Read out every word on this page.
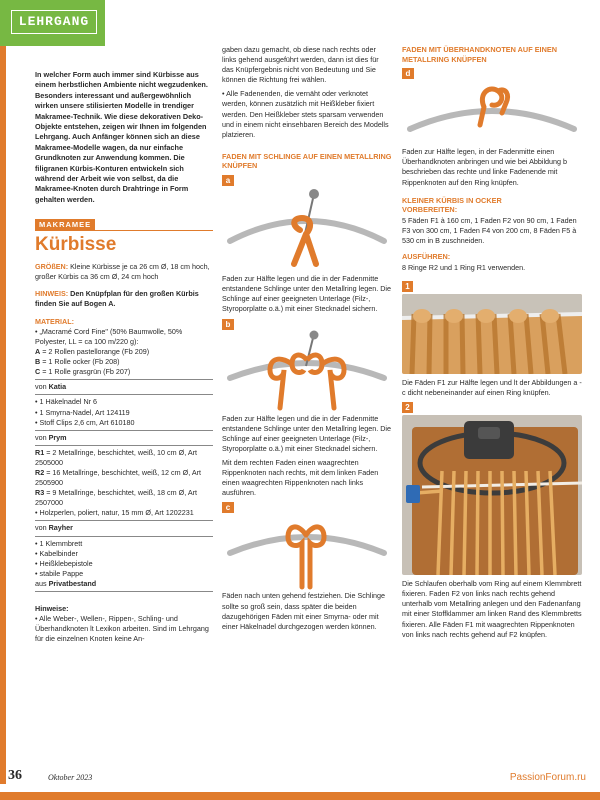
LEHRGANG

In welcher Form auch immer sind Kürbisse aus einem herbstlichen Ambiente nicht wegzudenken. Besonders interessant und außergewöhnlich wirken unsere stilisierten Modelle in trendiger Makramee-Technik. Wie diese dekorativen Deko-Objekte entstehen, zeigen wir Ihnen im folgenden Lehrgang. Auch Anfänger können sich an diese Makramee-Modelle wagen, da nur einfache Grundknoten zur Anwendung kommen. Die filigranen Kürbis-Konturen entwickeln sich während der Arbeit wie von selbst, da die Makramee-Knoten durch Drahtringe in Form gehalten werden.

MAKRAMEE
Kürbisse

GRÖßEN: Kleine Kürbisse je ca 26 cm Ø, 18 cm hoch, großer Kürbis ca 36 cm Ø, 24 cm hoch

HINWEIS: Den Knüpfplan für den großen Kürbis finden Sie auf Bogen A.

MATERIAL:

• „Macramé Cord Fine" (50% Baumwolle, 50% Polyester, LL = ca 100 m/220 g):
A = 2 Rollen pastellorange (Fb 209)
B = 1 Rolle ocker (Fb 208)
C = 1 Rolle grasgrün (Fb 207)
von Katia
• 1 Häkelnadel Nr 6
• 1 Smyrna-Nadel, Art 124119
• Stoff Clips 2,6 cm, Art 610180
von Prym
R1 = 2 Metallringe, beschichtet, weiß, 10 cm Ø, Art 2505000
R2 = 16 Metallringe, beschichtet, weiß, 12 cm Ø, Art 2505900
R3 = 9 Metallringe, beschichtet, weiß, 18 cm Ø, Art 2507000
• Holzperlen, poliert, natur, 15 mm Ø, Art 1202231
von Rayher
• 1 Klemmbrett
• Kabelbinder
• Heißklebepistole
• stabile Pappe
aus Privatbestand

Hinweise:

• Alle Weber-, Wellen-, Rippen-, Schling- und Überhandknoten lt Lexikon arbeiten. Sind im Lehrgang für die einzelnen Knoten keine An-

gaben dazu gemacht, ob diese nach rechts oder links gehend ausgeführt werden, dann ist dies für das Knüpfergebnis nicht von Bedeutung und Sie können die Richtung frei wählen.

• Alle Fadenenden, die vernäht oder verknotet werden, können zusätzlich mit Heißkleber fixiert werden. Den Heißkleber stets sparsam verwenden und in einem nicht einsehbaren Bereich des Modells platzieren.
FADEN MIT SCHLINGE AUF EINEN METALLRING KNÜPFEN
a

Faden zur Hälfte legen und die in der Fadenmitte entstandene Schlinge unter den Metallring legen. Die Schlinge auf einer geeigneten Unterlage (Filz-, Styroporplatte o.ä.) mit einer Stecknadel sichern.

b

Faden zur Hälfte legen und die in der Fadenmitte entstandene Schlinge unter den Metallring legen. Die Schlinge auf einer geeigneten Unterlage (Filz-, Styroporplatte o.ä.) mit einer Stecknadel sichern.

Mit dem rechten Faden einen waagrechten Rippenknoten nach rechts, mit dem linken Faden einen waagrechten Rippenknoten nach links ausführen.

c

Fäden nach unten gehend festziehen. Die Schlinge sollte so groß sein, dass später die beiden dazugehörigen Fäden mit einer Smyrna- oder mit einer Häkelnadel durchgezogen werden können.

FADEN MIT ÜBERHANDKNOTEN AUF EINEN METALLRING KNÜPFEN
d

Faden zur Hälfte legen, in der Fadenmitte einen Überhandknoten anbringen und wie bei Abbildung b beschrieben das rechte und linke Fadenende mit Rippenknoten auf den Ring knüpfen.

KLEINER KÜRBIS IN OCKER
VORBEREITEN:

5 Fäden F1 à 160 cm, 1 Faden F2 von 90 cm, 1 Faden F3 von 300 cm, 1 Faden F4 von 200 cm, 8 Fäden F5 à 530 cm in B zuschneiden.

AUSFÜHREN:

8 Ringe R2 und 1 Ring R1 verwenden.

1

Die Fäden F1 zur Hälfte legen und lt der Abbildungen a - c dicht nebeneinander auf einen Ring knüpfen.

2

Die Schlaufen oberhalb vom Ring auf einem Klemmbrett fixieren. Faden F2 von links nach rechts gehend unterhalb vom Metallring anlegen und den Fadenanfang mit einer Stoffklammer am linken Rand des Klemmbretts fixieren. Alle Fäden F1 mit waagrechten Rippenknoten von links nach rechts gehend auf F2 knüpfen.

36	Oktober 2023	PassionForum.ru
